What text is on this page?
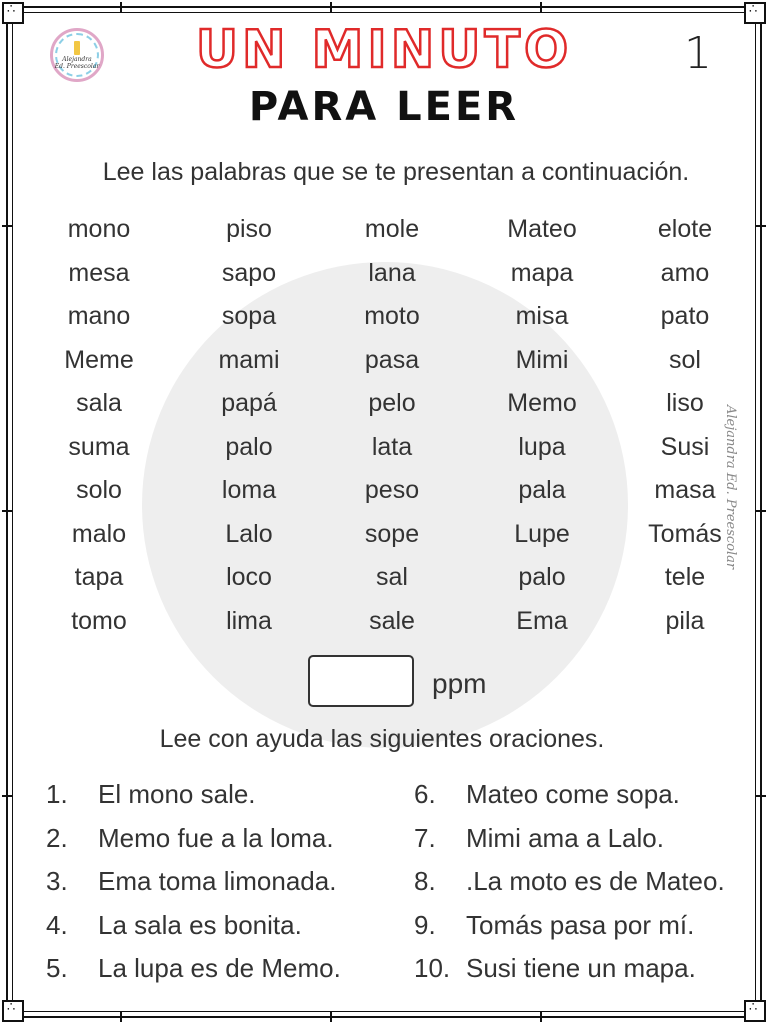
∴
∴
∴
∴
Alejandra
Ed. Preescolar	UN MINUTO
PARA LEER
1
Lee las palabras que se te presentan a continuación.
mono	piso	mole	Mateo	elote
mesa	sapo	lana	mapa	amo
mano	sopa	moto	misa	pato
Meme	mami	pasa	Mimi	sol
sala	papá	pelo	Memo	liso
suma	palo	lata	lupa	Susi
solo	loma	peso	pala	masa
malo	Lalo	sope	Lupe	Tomás
tapa	loco	sal	palo	tele
tomo	lima	sale	Ema	pila
ppm
Lee con ayuda las siguientes oraciones.
1. El mono sale.
2. Memo fue a la loma.
3. Ema toma limonada.
4. La sala es bonita.
5. La lupa es de Memo.
6. Mateo come sopa.
7. Mimi ama a Lalo.
8. .La moto es de Mateo.
9. Tomás pasa por mí.
10. Susi tiene un mapa.
Alejandra Ed. Preescolar
